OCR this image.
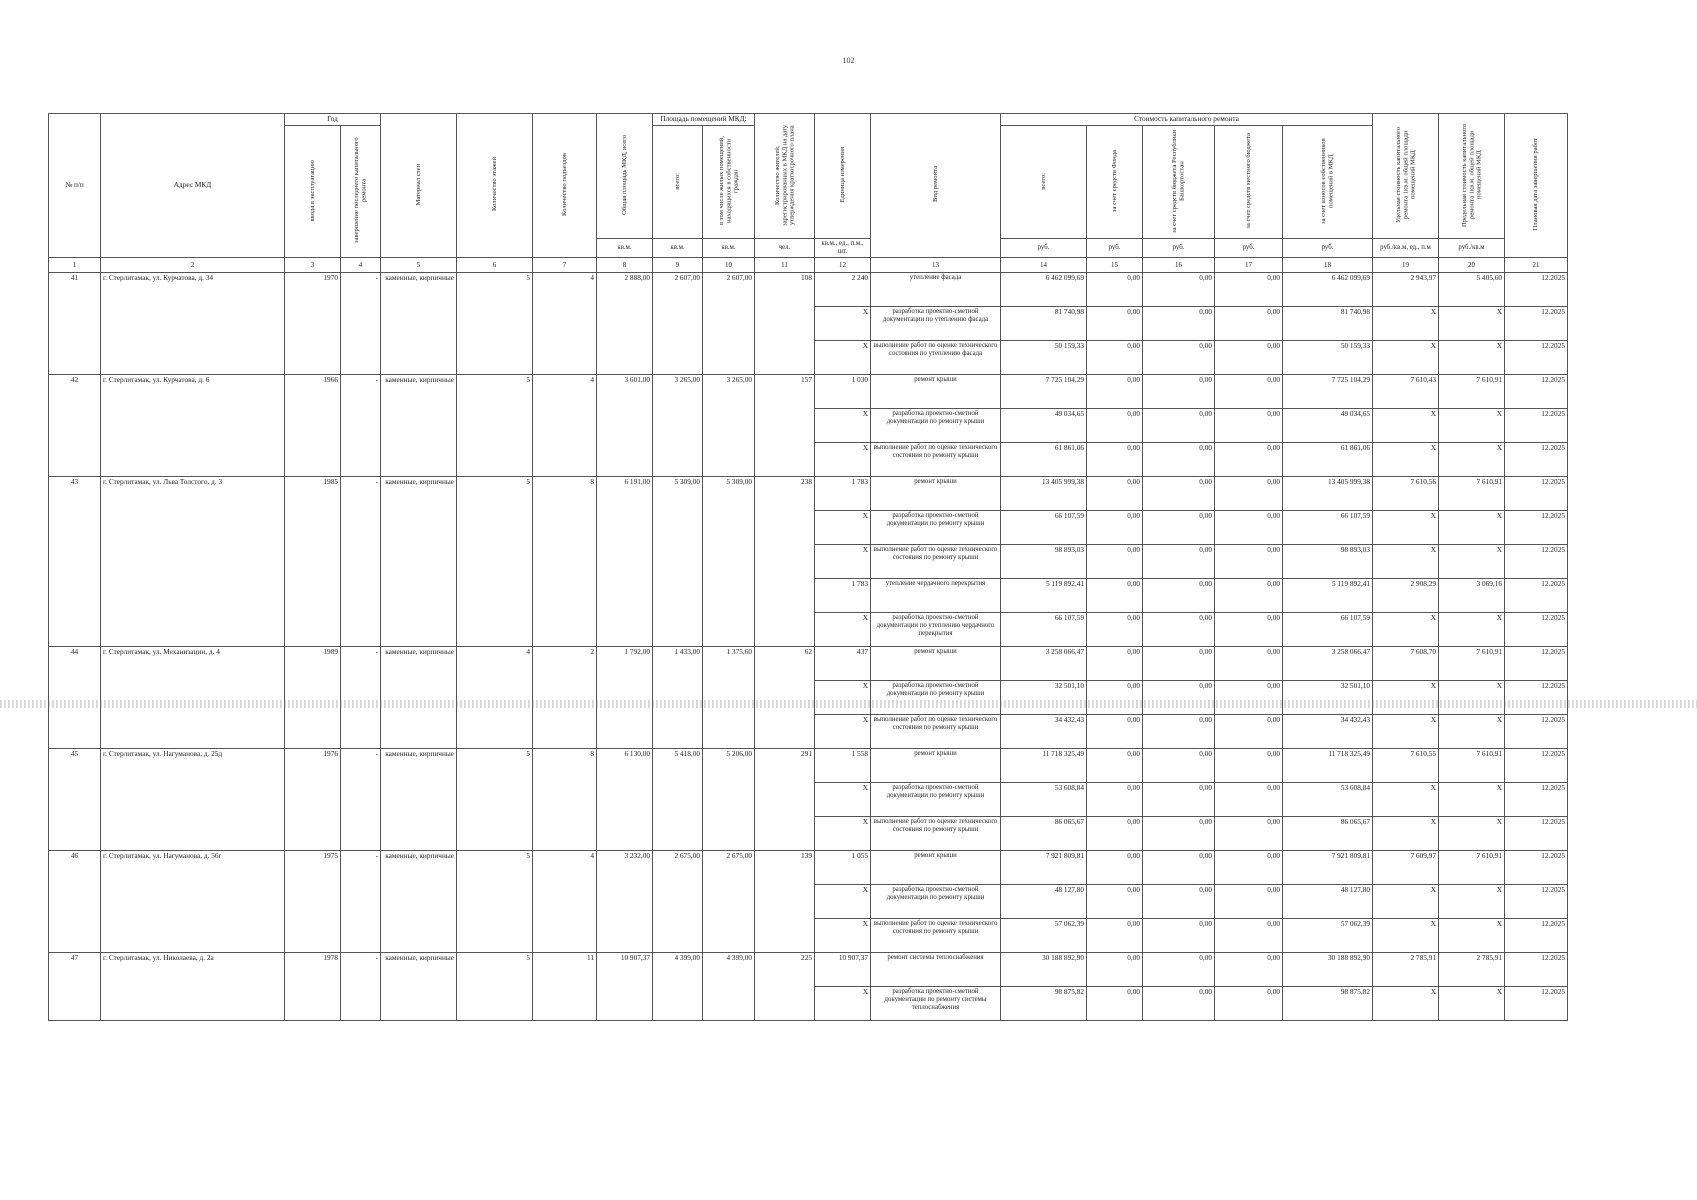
102
№ п/п	Адрес МКД	Год		Материал стен	Количество этажей	Количество подъездов	Общая площадь МКД, всего	Площадь помещений МКД:		Количество жителей, зарегистрированных в МКД на дату утверждения краткосрочного плана	Единица измерения	Вид ремонта	Стоимость капитального ремонта					Удельная стоимость капитального ремонта 1кв.м. общей площади помещений МКД	Предельная стоимость капитального ремонта 1кв.м. общей площади помещений МКД	Плановая дата завершения работ
		ввода в эксплуатацию	завершение последнего капитального ремонта					всего:	в том числе жилых помещений, находящихся в собственности граждан				всего:	за счет средств Фонда	за счет средств бюджета Республики Башкортостан	за счет средств местного бюджета	за счет взносов собственников помещений в МКД			
							кв.м.	кв.м.	кв.м.	чел.	кв.м., ед., п.м., шт.		руб.	руб.	руб.	руб.	руб.	руб./кв.м, ед., п.м	руб./кв.м	
1	2	3	4	5	6	7	8	9	10	11	12	13	14	15	16	17	18	19	20	21
41	г. Стерлитамак, ул. Курчатова, д. 34	1970	-	каменные, кирпичные	5	4	2 888,00	2 607,00	2 607,00	108	2 240	утепление фасада	6 462 099,69	0,00	0,00	0,00	6 462 099,69	2 943,97	5 405,60	12.2025
											X	разработка проектно-сметной документации по утеплению фасада	81 740,98	0,00	0,00	0,00	81 740,98	X	X	12.2025
											X	выполнение работ по оценке технического состояния по утеплению фасада	50 159,33	0,00	0,00	0,00	50 159,33	X	X	12.2025
42	г. Стерлитамак, ул. Курчатова, д. 6	1966	-	каменные, кирпичные	5	4	3 601,00	3 265,00	3 265,00	157	1 030	ремонт крыши	7 725 104,29	0,00	0,00	0,00	7 725 104,29	7 610,43	7 610,91	12.2025
											X	разработка проектно-сметной документации по ремонту крыши	49 034,65	0,00	0,00	0,00	49 034,65	X	X	12.2025
											X	выполнение работ по оценке технического состояния по ремонту крыши	61 861,06	0,00	0,00	0,00	61 861,06	X	X	12.2025
43	г. Стерлитамак, ул. Льва Толстого, д. 3	1985	-	каменные, кирпичные	5	8	6 191,00	5 309,00	5 309,00	238	1 783	ремонт крыши	13 405 999,38	0,00	0,00	0,00	13 405 999,38	7 610,56	7 610,91	12.2025
											X	разработка проектно-сметной документации по ремонту крыши	66 107,59	0,00	0,00	0,00	66 107,59	X	X	12.2025
											X	выполнение работ по оценке технического состояния по ремонту крыши	98 893,03	0,00	0,00	0,00	98 893,03	X	X	12.2025
											1 783	утепление чердачного перекрытия	5 119 892,41	0,00	0,00	0,00	5 119 892,41	2 908,29	3 069,16	12.2025
											X	разработка проектно-сметной документации по утеплению чердачного перекрытия	66 107,59	0,00	0,00	0,00	66 107,59	X	X	12.2025
44	г. Стерлитамак, ул. Механизации, д. 4	1989	-	каменные, кирпичные	4	2	1 792,00	1 433,00	1 375,60	62	437	ремонт крыши	3 258 066,47	0,00	0,00	0,00	3 258 066,47	7 608,70	7 610,91	12.2025
											X	разработка проектно-сметной документации по ремонту крыши	32 501,10	0,00	0,00	0,00	32 501,10	X	X	12.2025
											X	выполнение работ по оценке технического состояния по ремонту крыши	34 432,43	0,00	0,00	0,00	34 432,43	X	X	12.2025
45	г. Стерлитамак, ул. Нагуманова, д. 25д	1976	-	каменные, кирпичные	5	8	6 130,00	5 418,00	5 206,00	291	1 558	ремонт крыши	11 718 325,49	0,00	0,00	0,00	11 718 325,49	7 610,55	7 610,91	12.2025
											X	разработка проектно-сметной документации по ремонту крыши	53 608,84	0,00	0,00	0,00	53 608,84	X	X	12.2025
											X	выполнение работ по оценке технического состояния по ремонту крыши	86 065,67	0,00	0,00	0,00	86 065,67	X	X	12.2025
46	г. Стерлитамак, ул. Нагуманова, д. 56г	1975	-	каменные, кирпичные	5	4	3 232,00	2 675,00	2 675,00	139	1 055	ремонт крыши	7 921 809,81	0,00	0,00	0,00	7 921 809,81	7 609,97	7 610,91	12.2025
											X	разработка проектно-сметной документации по ремонту крыши	48 127,80	0,00	0,00	0,00	48 127,80	X	X	12.2025
											X	выполнение работ по оценке технического состояния по ремонту крыши	57 062,39	0,00	0,00	0,00	57 062,39	X	X	12.2025
47	г. Стерлитамак, ул. Николаева, д. 2а	1978	-	каменные, кирпичные	5	11	10 907,37	4 399,00	4 399,00	225	10 907,37	ремонт системы теплоснабжения	30 188 892,90	0,00	0,00	0,00	30 188 892,90	2 785,91	2 785,91	12.2025
											X	разработка проектно-сметной документации по ремонту системы теплоснабжения	98 875,82	0,00	0,00	0,00	98 875,82	X	X	12.2025
